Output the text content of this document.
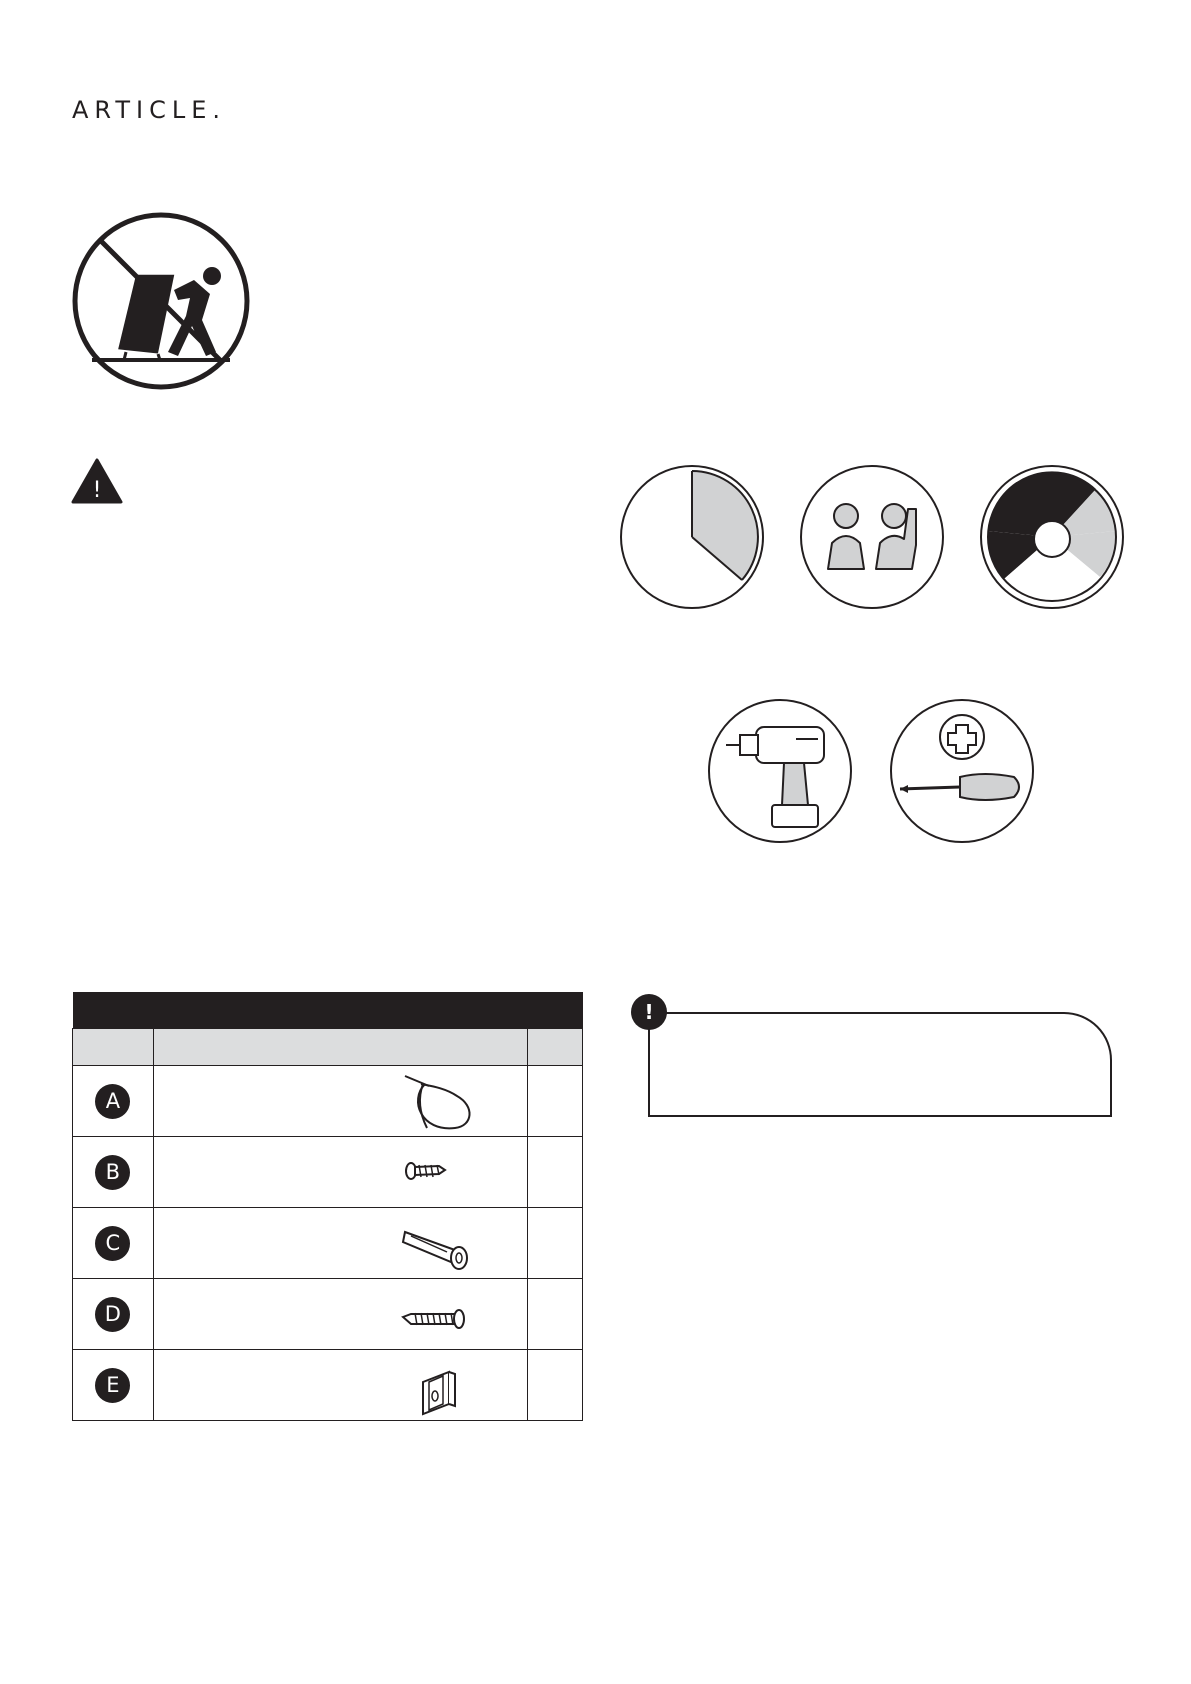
ARTICLE.
!

A	

B	

C	

D	

E	

!
